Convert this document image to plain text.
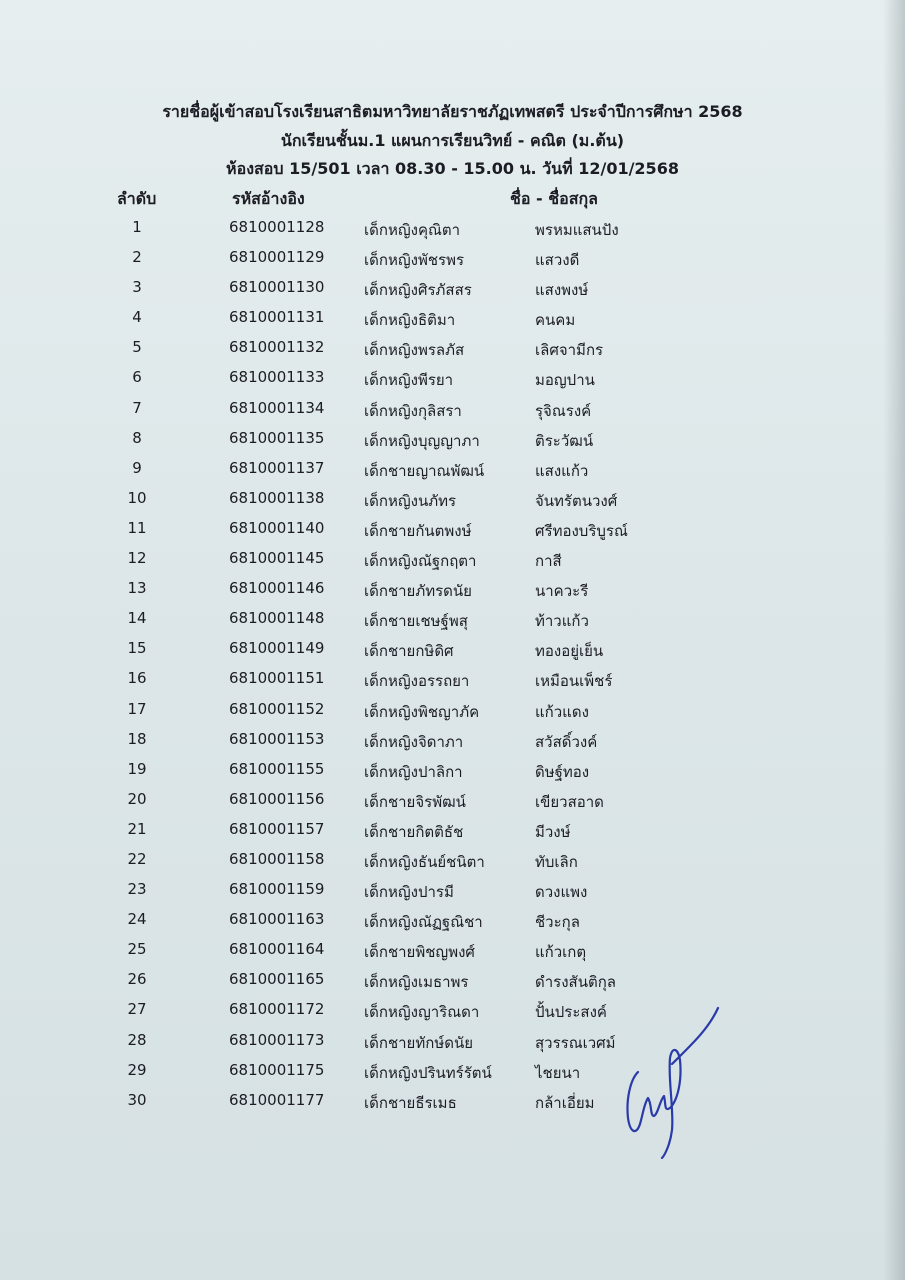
รายชื่อผู้เข้าสอบโรงเรียนสาธิตมหาวิทยาลัยราชภัฏเทพสตรี ประจำปีการศึกษา 2568
นักเรียนชั้นม.1 แผนการเรียนวิทย์ - คณิต (ม.ต้น)
ห้องสอบ 15/501 เวลา 08.30 - 15.00 น. วันที่ 12/01/2568
ลำดับ	รหัสอ้างอิง	ชื่อ - ชื่อสกุล
1	6810001128	เด็กหญิงคุณิตา	พรหมแสนปัง
2	6810001129	เด็กหญิงพัชรพร	แสวงดี
3	6810001130	เด็กหญิงศิรภัสสร	แสงพงษ์
4	6810001131	เด็กหญิงธิติมา	คนคม
5	6810001132	เด็กหญิงพรลภัส	เลิศจามีกร
6	6810001133	เด็กหญิงพีรยา	มอญปาน
7	6810001134	เด็กหญิงกุลิสรา	รุจิณรงค์
8	6810001135	เด็กหญิงบุญญาภา	ติระวัฒน์
9	6810001137	เด็กชายญาณพัฒน์	แสงแก้ว
10	6810001138	เด็กหญิงนภัทร	จันทรัตนวงศ์
11	6810001140	เด็กชายกันตพงษ์	ศรีทองบริบูรณ์
12	6810001145	เด็กหญิงณัฐกฤตา	กาสี
13	6810001146	เด็กชายภัทรดนัย	นาควะรี
14	6810001148	เด็กชายเชษฐ์พสุ	ท้าวแก้ว
15	6810001149	เด็กชายกษิดิศ	ทองอยู่เย็น
16	6810001151	เด็กหญิงอรรถยา	เหมือนเพ็ชร์
17	6810001152	เด็กหญิงพิชญาภัค	แก้วแดง
18	6810001153	เด็กหญิงจิดาภา	สวัสดิ์วงค์
19	6810001155	เด็กหญิงปาลิกา	ดิษฐ์ทอง
20	6810001156	เด็กชายจิรพัฒน์	เขียวสอาด
21	6810001157	เด็กชายกิตติธัช	มีวงษ์
22	6810001158	เด็กหญิงธันย์ชนิตา	ทับเลิก
23	6810001159	เด็กหญิงปารมี	ดวงแพง
24	6810001163	เด็กหญิงณัฏฐณิชา	ชีวะกุล
25	6810001164	เด็กชายพิชญพงศ์	แก้วเกตุ
26	6810001165	เด็กหญิงเมธาพร	ดำรงสันติกุล
27	6810001172	เด็กหญิงญาริณดา	ปั้นประสงค์
28	6810001173	เด็กชายทักษ์ดนัย	สุวรรณเวศม์
29	6810001175	เด็กหญิงปรินทร์รัตน์	ไชยนา
30	6810001177	เด็กชายธีรเมธ	กล้าเอี่ยม
